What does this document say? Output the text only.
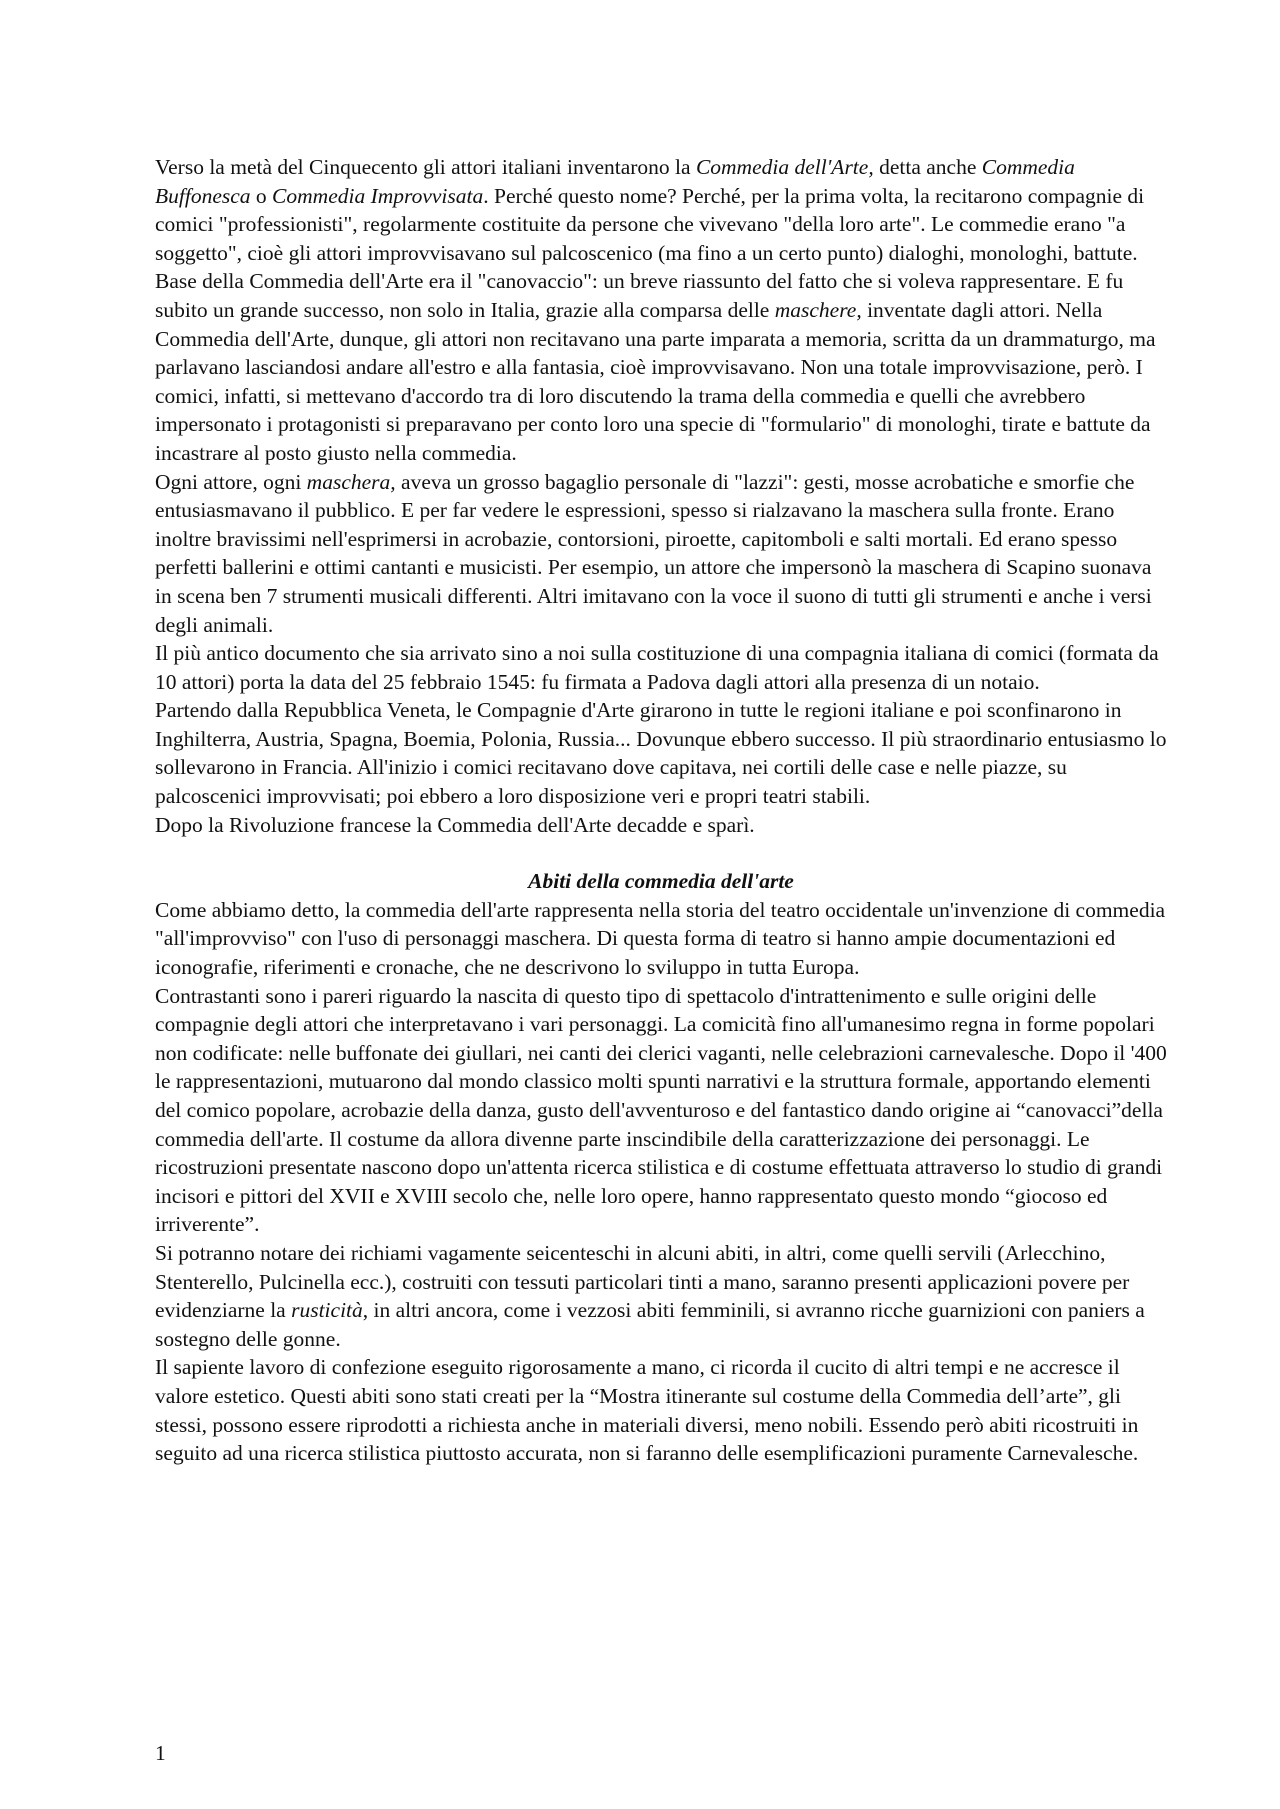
Verso la metà del Cinquecento gli attori italiani inventarono la Commedia dell'Arte, detta anche Commedia Buffonesca o Commedia Improvvisata. Perché questo nome? Perché, per la prima volta, la recitarono compagnie di comici "professionisti", regolarmente costituite da persone che vivevano "della loro arte". Le commedie erano "a soggetto", cioè gli attori improvvisavano sul palcoscenico (ma fino a un certo punto) dialoghi, monologhi, battute. Base della Commedia dell'Arte era il "canovaccio": un breve riassunto del fatto che si voleva rappresentare. E fu subito un grande successo, non solo in Italia, grazie alla comparsa delle maschere, inventate dagli attori. Nella Commedia dell'Arte, dunque, gli attori non recitavano una parte imparata a memoria, scritta da un drammaturgo, ma parlavano lasciandosi andare all'estro e alla fantasia, cioè improvvisavano. Non una totale improvvisazione, però. I comici, infatti, si mettevano d'accordo tra di loro discutendo la trama della commedia e quelli che avrebbero impersonato i protagonisti si preparavano per conto loro una specie di "formulario" di monologhi, tirate e battute da incastrare al posto giusto nella commedia.

Ogni attore, ogni maschera, aveva un grosso bagaglio personale di "lazzi": gesti, mosse acrobatiche e smorfie che entusiasmavano il pubblico. E per far vedere le espressioni, spesso si rialzavano la maschera sulla fronte. Erano inoltre bravissimi nell'esprimersi in acrobazie, contorsioni, piroette, capitomboli e salti mortali. Ed erano spesso perfetti ballerini e ottimi cantanti e musicisti. Per esempio, un attore che impersonò la maschera di Scapino suonava in scena ben 7 strumenti musicali differenti. Altri imitavano con la voce il suono di tutti gli strumenti e anche i versi degli animali.

Il più antico documento che sia arrivato sino a noi sulla costituzione di una compagnia italiana di comici (formata da 10 attori) porta la data del 25 febbraio 1545: fu firmata a Padova dagli attori alla presenza di un notaio.

Partendo dalla Repubblica Veneta, le Compagnie d'Arte girarono in tutte le regioni italiane e poi sconfinarono in Inghilterra, Austria, Spagna, Boemia, Polonia, Russia... Dovunque ebbero successo. Il più straordinario entusiasmo lo sollevarono in Francia. All'inizio i comici recitavano dove capitava, nei cortili delle case e nelle piazze, su palcoscenici improvvisati; poi ebbero a loro disposizione veri e propri teatri stabili.

Dopo la Rivoluzione francese la Commedia dell'Arte decadde e sparì.

Abiti della commedia dell'arte

Come abbiamo detto, la commedia dell'arte rappresenta nella storia del teatro occidentale un'invenzione di commedia "all'improvviso" con l'uso di personaggi maschera. Di questa forma di teatro si hanno ampie documentazioni ed iconografie, riferimenti e cronache, che ne descrivono lo sviluppo in tutta Europa.

Contrastanti sono i pareri riguardo la nascita di questo tipo di spettacolo d'intrattenimento e sulle origini delle compagnie degli attori che interpretavano i vari personaggi. La comicità fino all'umanesimo regna in forme popolari non codificate: nelle buffonate dei giullari, nei canti dei clerici vaganti, nelle celebrazioni carnevalesche. Dopo il '400 le rappresentazioni, mutuarono dal mondo classico molti spunti narrativi e la struttura formale, apportando elementi del comico popolare, acrobazie della danza, gusto dell'avventuroso e del fantastico dando origine ai “canovacci”della commedia dell'arte. Il costume da allora divenne parte inscindibile della caratterizzazione dei personaggi. Le ricostruzioni presentate nascono dopo un'attenta ricerca stilistica e di costume effettuata attraverso lo studio di grandi incisori e pittori del XVII e XVIII secolo che, nelle loro opere, hanno rappresentato questo mondo “giocoso ed irriverente”.

Si potranno notare dei richiami vagamente seicenteschi in alcuni abiti, in altri, come quelli servili (Arlecchino, Stenterello, Pulcinella ecc.), costruiti con tessuti particolari tinti a mano, saranno presenti applicazioni povere per evidenziarne la rusticità, in altri ancora, come i vezzosi abiti femminili, si avranno ricche guarnizioni con paniers a sostegno delle gonne.

Il sapiente lavoro di confezione eseguito rigorosamente a mano, ci ricorda il cucito di altri tempi e ne accresce il valore estetico. Questi abiti sono stati creati per la “Mostra itinerante sul costume della Commedia dell’arte”, gli stessi, possono essere riprodotti a richiesta anche in materiali diversi, meno nobili. Essendo però abiti ricostruiti in seguito ad una ricerca stilistica piuttosto accurata, non si faranno delle esemplificazioni puramente Carnevalesche.

1
